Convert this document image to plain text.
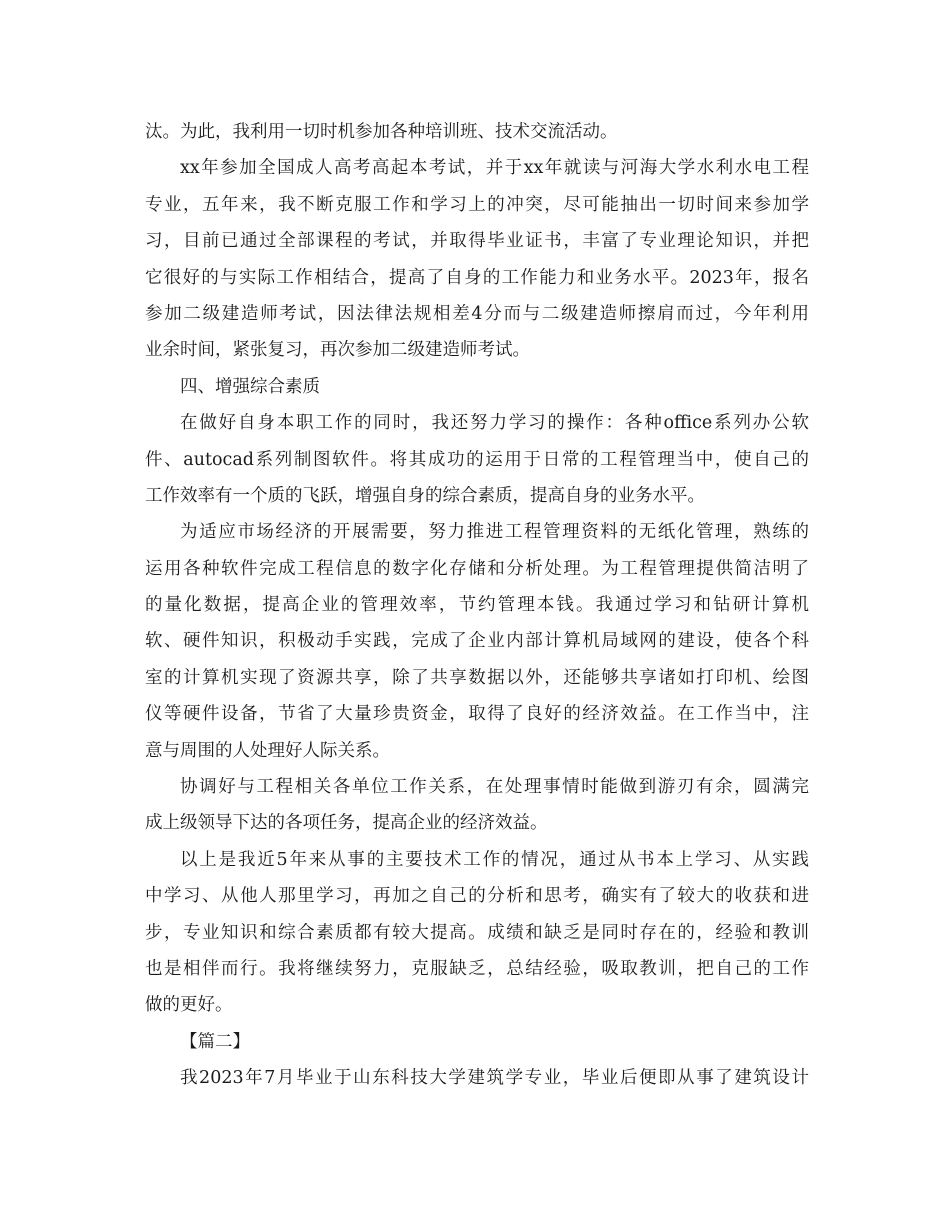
汰。为此，我利用一切时机参加各种培训班、技术交流活动。
xx年参加全国成人高考高起本考试，并于xx年就读与河海大学水利水电工程
专业，五年来，我不断克服工作和学习上的冲突，尽可能抽出一切时间来参加学
习，目前已通过全部课程的考试，并取得毕业证书，丰富了专业理论知识，并把
它很好的与实际工作相结合，提高了自身的工作能力和业务水平。2023年，报名
参加二级建造师考试，因法律法规相差4分而与二级建造师擦肩而过，今年利用
业余时间，紧张复习，再次参加二级建造师考试。
四、增强综合素质
在做好自身本职工作的同时，我还努力学习的操作：各种office系列办公软
件、autocad系列制图软件。将其成功的运用于日常的工程管理当中，使自己的
工作效率有一个质的飞跃，增强自身的综合素质，提高自身的业务水平。
为适应市场经济的开展需要，努力推进工程管理资料的无纸化管理，熟练的
运用各种软件完成工程信息的数字化存储和分析处理。为工程管理提供简洁明了
的量化数据，提高企业的管理效率，节约管理本钱。我通过学习和钻研计算机
软、硬件知识，积极动手实践，完成了企业内部计算机局域网的建设，使各个科
室的计算机实现了资源共享，除了共享数据以外，还能够共享诸如打印机、绘图
仪等硬件设备，节省了大量珍贵资金，取得了良好的经济效益。在工作当中，注
意与周围的人处理好人际关系。
协调好与工程相关各单位工作关系，在处理事情时能做到游刃有余，圆满完
成上级领导下达的各项任务，提高企业的经济效益。
以上是我近5年来从事的主要技术工作的情况，通过从书本上学习、从实践
中学习、从他人那里学习，再加之自己的分析和思考，确实有了较大的收获和进
步，专业知识和综合素质都有较大提高。成绩和缺乏是同时存在的，经验和教训
也是相伴而行。我将继续努力，克服缺乏，总结经验，吸取教训，把自己的工作
做的更好。
【篇二】
我2023年7月毕业于山东科技大学建筑学专业，毕业后便即从事了建筑设计
